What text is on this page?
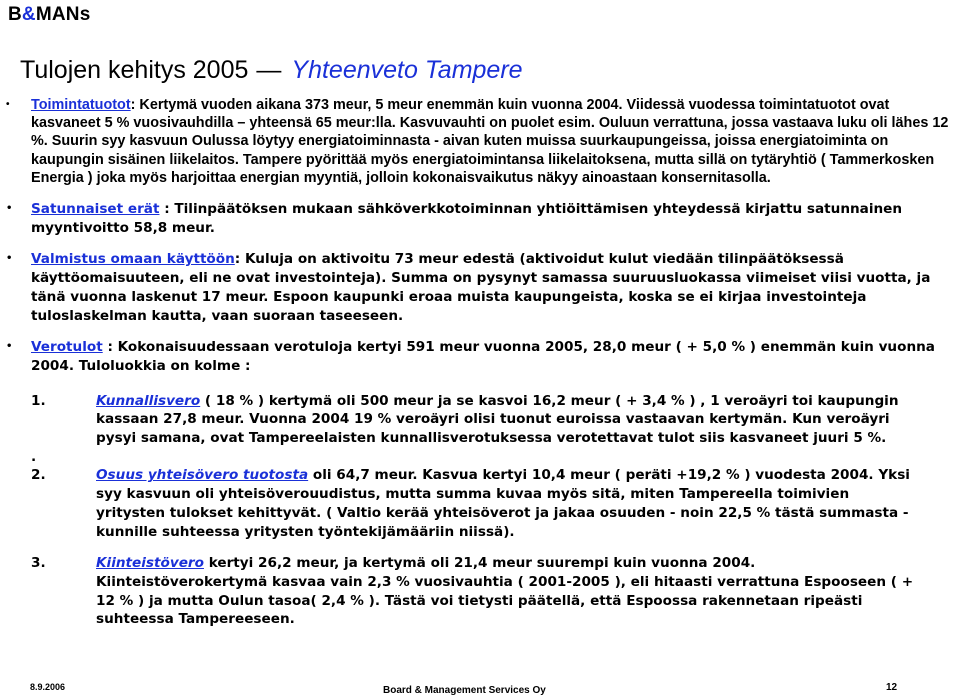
B&MANs
Tulojen kehitys 2005 — Yhteenveto Tampere
• Toimintatuotot: Kertymä vuoden aikana 373 meur, 5 meur enemmän kuin vuonna 2004. Viidessä vuodessa toimintatuotot ovat kasvaneet 5 % vuosivauhdilla – yhteensä 65 meur:lla. Kasvuvauhti on puolet esim. Ouluun verrattuna, jossa vastaava luku oli lähes 12 %. Suurin syy kasvuun Oulussa löytyy energiatoiminnasta - aivan kuten muissa suurkaupungeissa, joissa energiatoiminta on kaupungin sisäinen liikelaitos. Tampere pyörittää myös energiatoimintansa liikelaitoksena, mutta sillä on tytäryhtiö ( Tammerkosken Energia ) joka myös harjoittaa energian myyntiä, jolloin kokonaisvaikutus näkyy ainoastaan konsernitasolla.
• Satunnaiset erät : Tilinpäätöksen mukaan sähköverkkotoiminnan yhtiöittämisen yhteydessä kirjattu satunnainen myyntivoitto 58,8 meur.
• Valmistus omaan käyttöön: Kuluja on aktivoitu 73 meur edestä (aktivoidut kulut viedään tilinpäätöksessä käyttöomaisuuteen, eli ne ovat investointeja). Summa on pysynyt samassa suuruusluokassa viimeiset viisi vuotta, ja tänä vuonna laskenut 17 meur. Espoon kaupunki eroaa muista kaupungeista, koska se ei kirjaa investointeja tuloslaskelman kautta, vaan suoraan taseeseen.
• Verotulot : Kokonaisuudessaan verotuloja kertyi 591 meur vuonna 2005, 28,0 meur ( + 5,0 % ) enemmän kuin vuonna 2004. Tuloluokkia on kolme :
1.	Kunnallisvero ( 18 % ) kertymä oli 500 meur ja se kasvoi 16,2 meur ( + 3,4 % ) , 1 veroäyri toi kaupungin kassaan 27,8 meur. Vuonna 2004 19 % veroäyri olisi tuonut euroissa vastaavan kertymän. Kun veroäyri pysyi samana, ovat Tampereelaisten kunnallisverotuksessa verotettavat tulot siis kasvaneet juuri 5 %.
.

2.	Osuus yhteisövero tuotosta oli 64,7 meur. Kasvua kertyi 10,4 meur ( peräti +19,2 % ) vuodesta 2004. Yksi syy kasvuun oli yhteisöverouudistus, mutta summa kuvaa myös sitä, miten Tampereella toimivien yritysten tulokset kehittyvät. ( Valtio kerää yhteisöverot ja jakaa osuuden - noin 22,5 % tästä summasta - kunnille suhteessa yritysten työntekijämääriin niissä).
3.	Kiinteistövero kertyi 26,2 meur, ja kertymä oli 21,4 meur suurempi kuin vuonna 2004. Kiinteistöverokertymä kasvaa vain 2,3 % vuosivauhtia ( 2001-2005 ), eli hitaasti verrattuna Espooseen ( + 12 % ) ja mutta Oulun tasoa( 2,4 % ). Tästä voi tietysti päätellä, että Espoossa rakennetaan ripeästi suhteessa Tampereeseen.
8.9.2006	Board & Management Services Oy	12
